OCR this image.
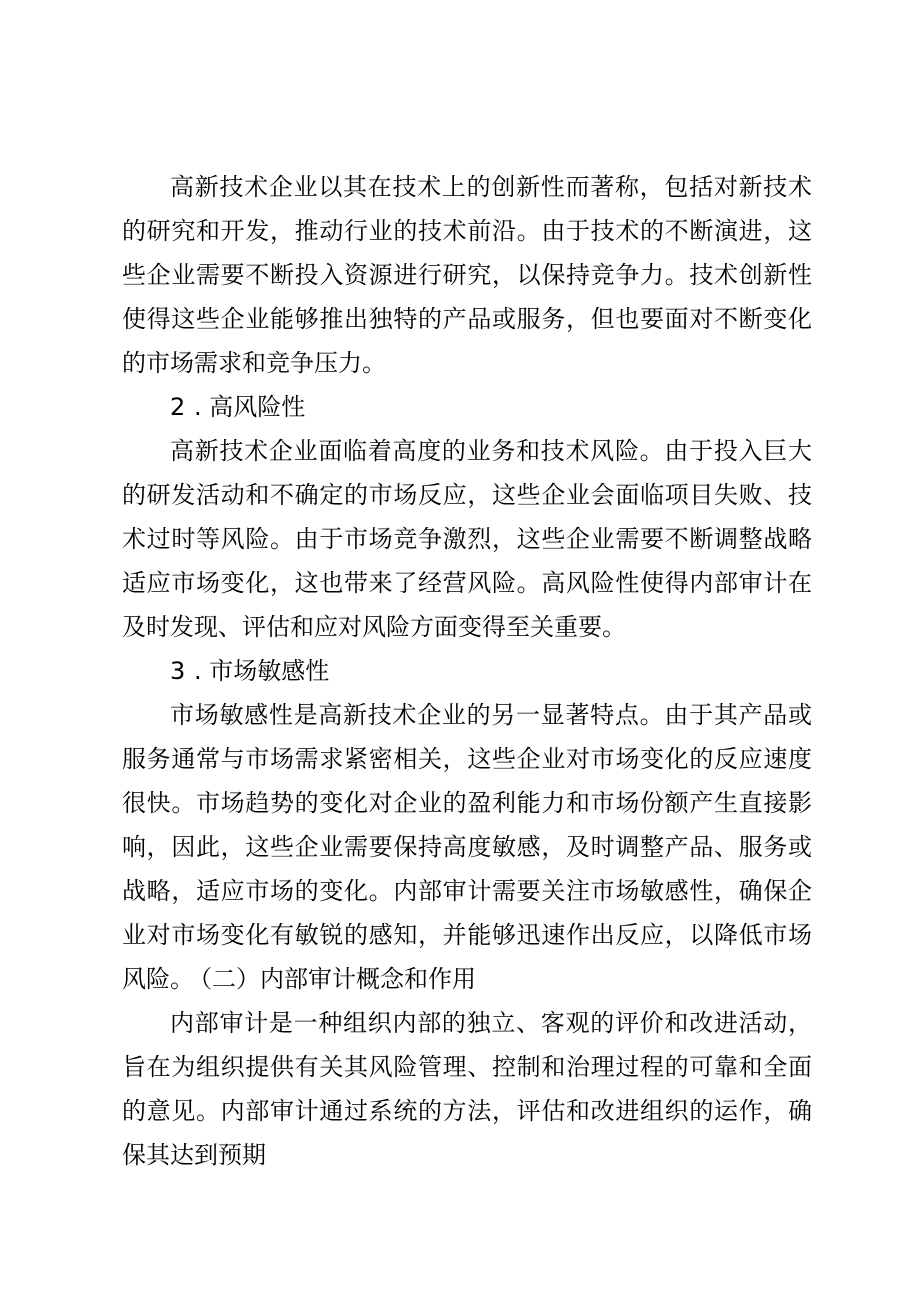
高新技术企业以其在技术上的创新性而著称，包括对新技术的研究和开发，推动行业的技术前沿。由于技术的不断演进，这些企业需要不断投入资源进行研究，以保持竞争力。技术创新性使得这些企业能够推出独特的产品或服务，但也要面对不断变化的市场需求和竞争压力。

2 . 高风险性

高新技术企业面临着高度的业务和技术风险。由于投入巨大的研发活动和不确定的市场反应，这些企业会面临项目失败、技术过时等风险。由于市场竞争激烈，这些企业需要不断调整战略适应市场变化，这也带来了经营风险。高风险性使得内部审计在及时发现、评估和应对风险方面变得至关重要。

3 . 市场敏感性

市场敏感性是高新技术企业的另一显著特点。由于其产品或服务通常与市场需求紧密相关，这些企业对市场变化的反应速度很快。市场趋势的变化对企业的盈利能力和市场份额产生直接影响，因此，这些企业需要保持高度敏感，及时调整产品、服务或战略，适应市场的变化。内部审计需要关注市场敏感性，确保企业对市场变化有敏锐的感知，并能够迅速作出反应，以降低市场风险。

（二）内部审计概念和作用

内部审计是一种组织内部的独立、客观的评价和改进活动，旨在为组织提供有关其风险管理、控制和治理过程的可靠和全面的意见。内部审计通过系统的方法，评估和改进组织的运作，确保其达到预期
